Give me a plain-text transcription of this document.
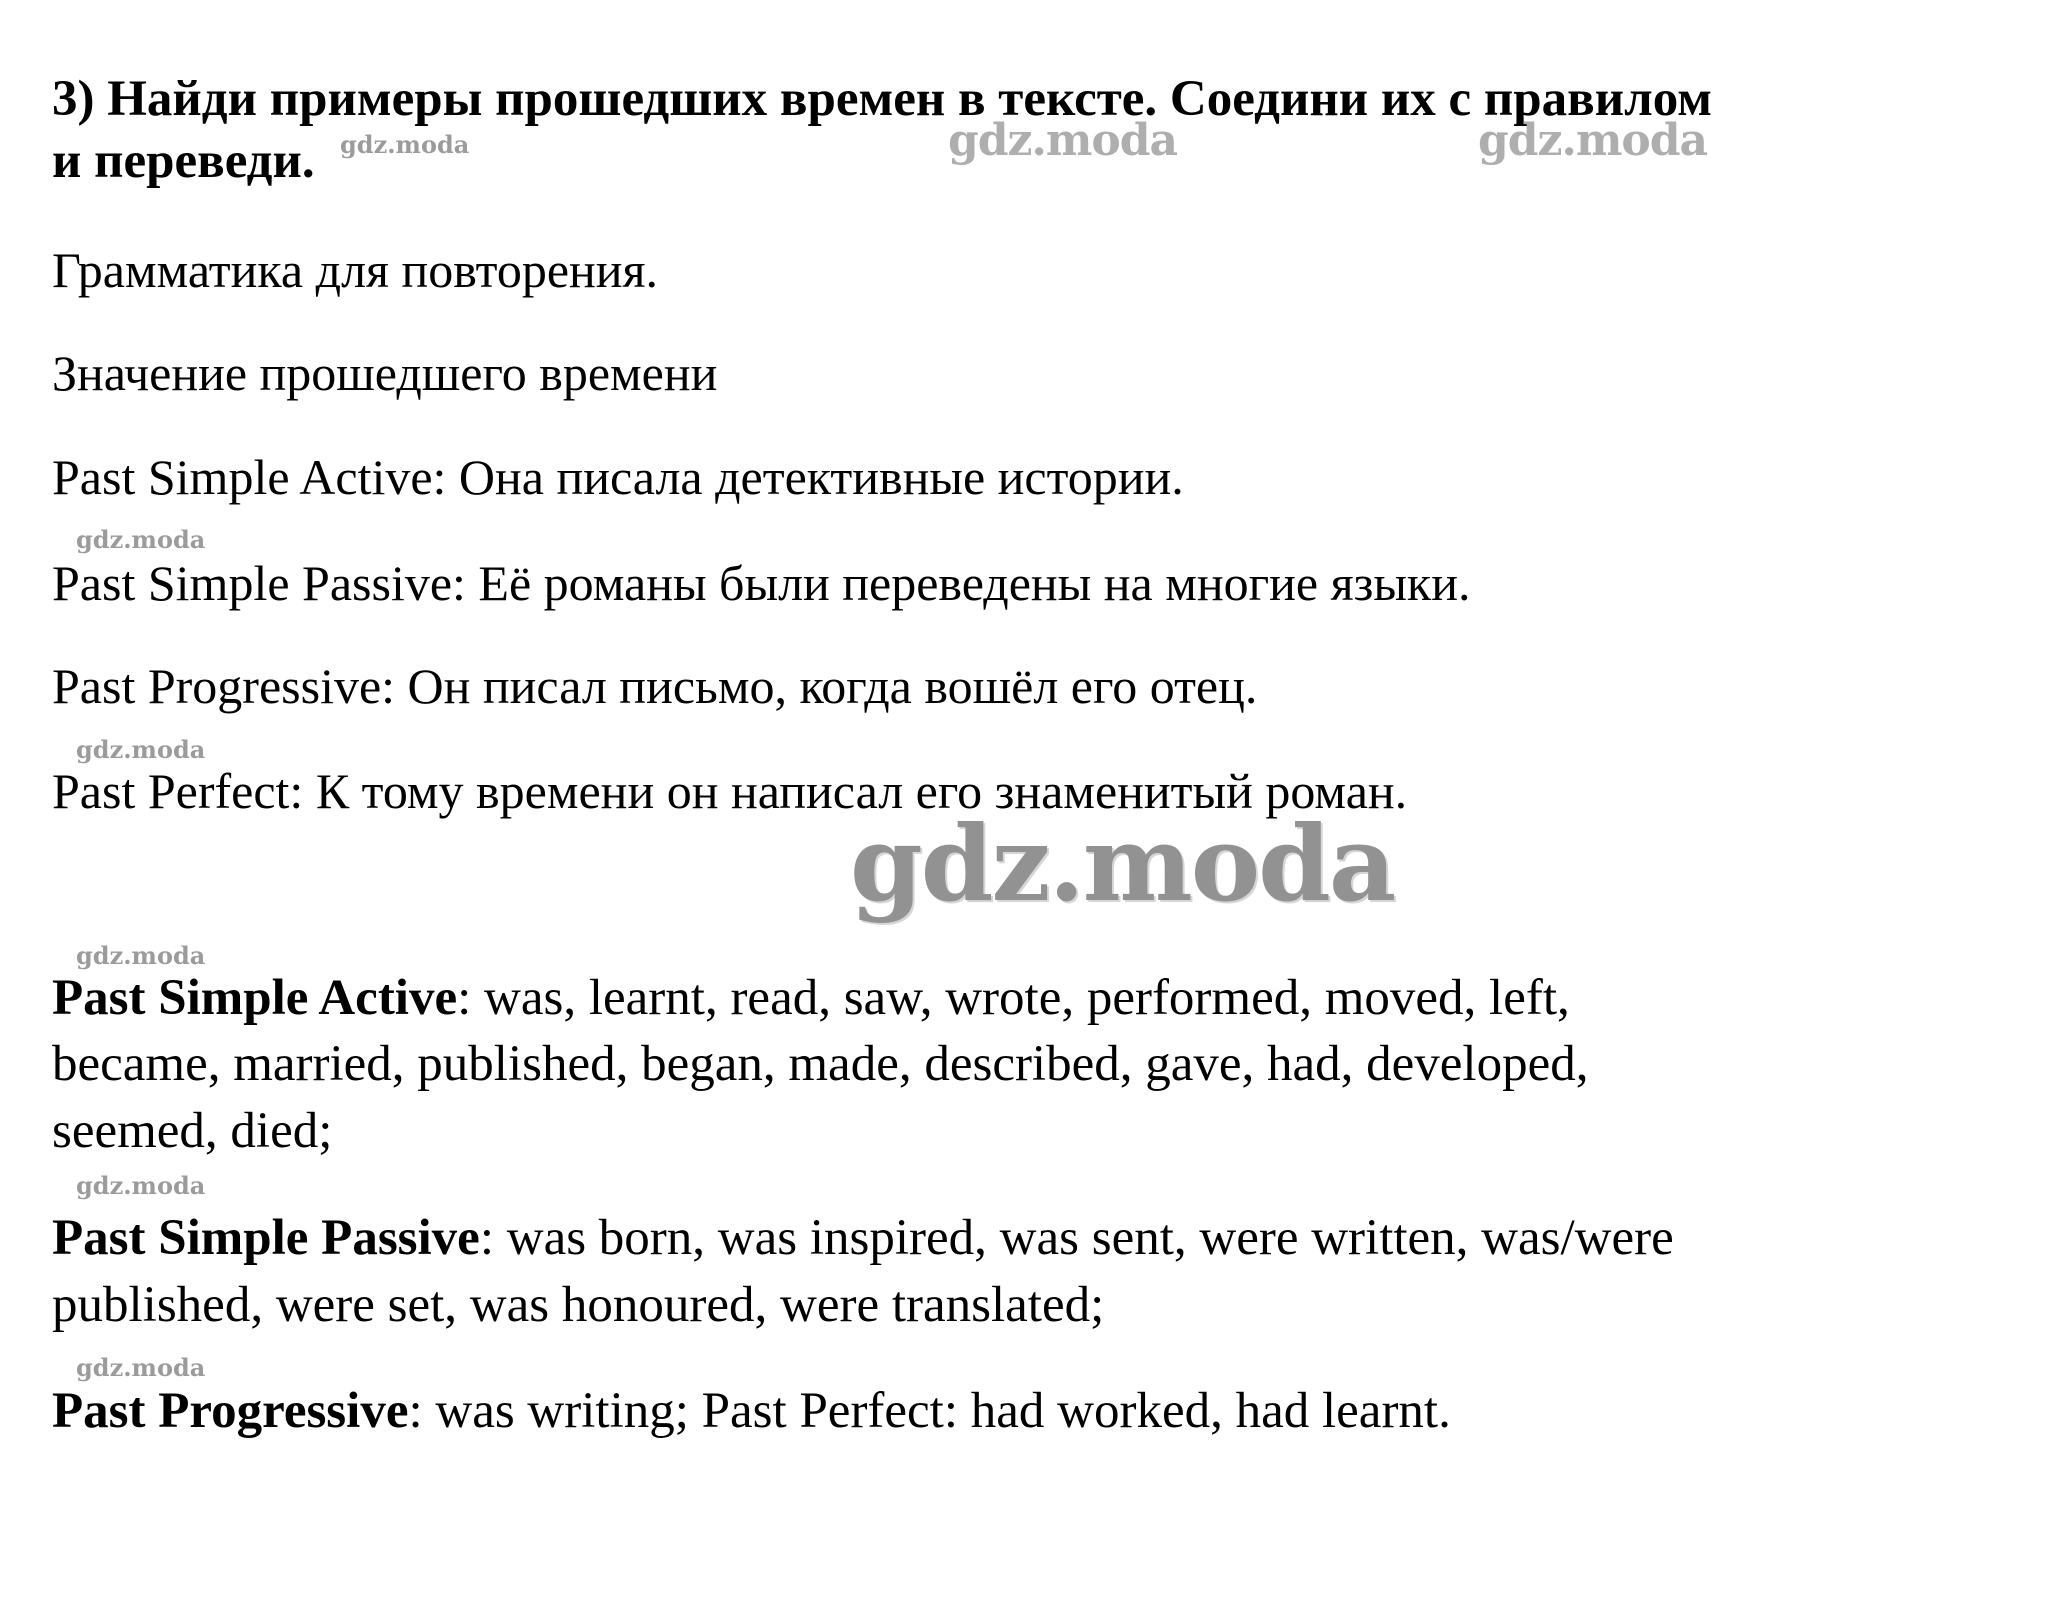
3) Найди примеры прошедших времен в тексте. Соедини их с правилом
и переведи.
Грамматика для повторения.
Значение прошедшего времени
Past Simple Active: Она писала детективные истории.
Past Simple Passive: Её романы были переведены на многие языки.
Past Progressive: Он писал письмо, когда вошёл его отец.
Past Perfect: К тому времени он написал его знаменитый роман.
Past Simple Active: was, learnt, read, saw, wrote, performed, moved, left,
became, married, published, began, made, described, gave, had, developed,
seemed, died;
Past Simple Passive: was born, was inspired, was sent, were written, was/were
published, were set, was honoured, were translated;
Past Progressive: was writing; Past Perfect: had worked, had learnt.
gdz.moda	gdz.moda	gdz.moda
gdz.moda
gdz.moda
gdz.moda
gdz.moda
gdz.moda
gdz.moda
